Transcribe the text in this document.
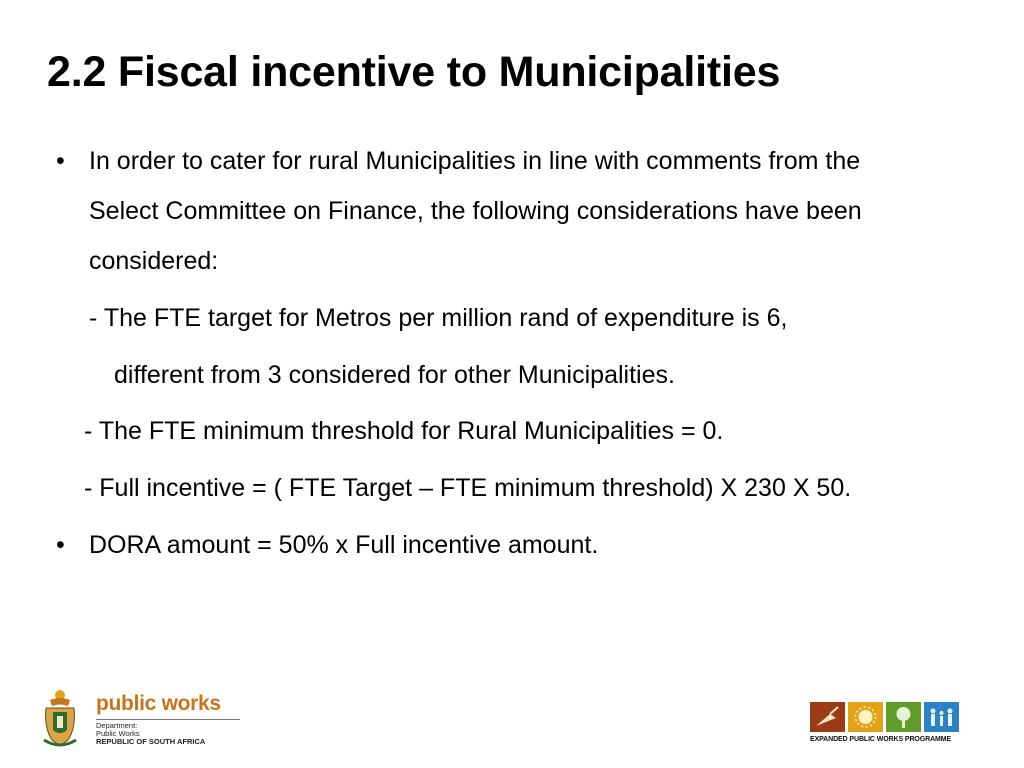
2.2 Fiscal incentive to Municipalities
• In order to cater for rural Municipalities in line with comments from the
Select Committee on Finance, the following considerations have been
considered:

- The FTE target for Metros per million rand of expenditure is 6,
different from 3 considered for other Municipalities.
- The FTE minimum threshold for Rural Municipalities = 0.
- Full incentive = ( FTE Target – FTE minimum threshold) X 230 X 50.
• DORA amount = 50% x Full incentive amount.
public works
Department:
Public Works
REPUBLIC OF SOUTH AFRICA	EXPANDED PUBLIC WORKS PROGRAMME
